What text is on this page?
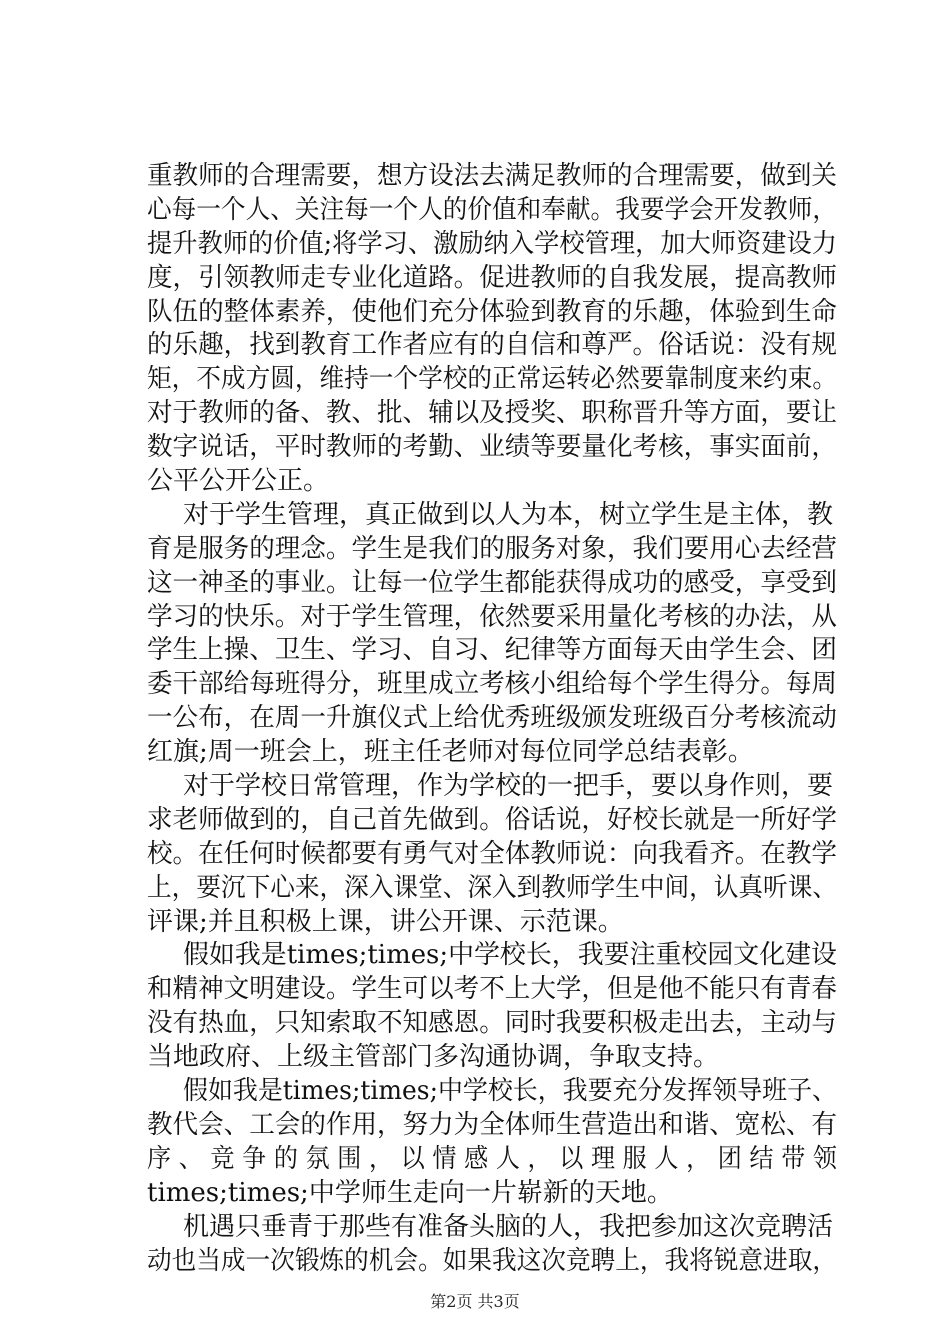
重教师的合理需要，想方设法去满足教师的合理需要，做到关
心每一个人、关注每一个人的价值和奉献。我要学会开发教师，
提升教师的价值;将学习、激励纳入学校管理，加大师资建设力
度，引领教师走专业化道路。促进教师的自我发展，提高教师
队伍的整体素养，使他们充分体验到教育的乐趣，体验到生命
的乐趣，找到教育工作者应有的自信和尊严。俗话说：没有规
矩，不成方圆，维持一个学校的正常运转必然要靠制度来约束。
对于教师的备、教、批、辅以及授奖、职称晋升等方面，要让
数字说话，平时教师的考勤、业绩等要量化考核，事实面前，
公平公开公正。
对于学生管理，真正做到以人为本，树立学生是主体，教
育是服务的理念。学生是我们的服务对象，我们要用心去经营
这一神圣的事业。让每一位学生都能获得成功的感受，享受到
学习的快乐。对于学生管理，依然要采用量化考核的办法，从
学生上操、卫生、学习、自习、纪律等方面每天由学生会、团
委干部给每班得分，班里成立考核小组给每个学生得分。每周
一公布，在周一升旗仪式上给优秀班级颁发班级百分考核流动
红旗;周一班会上，班主任老师对每位同学总结表彰。
对于学校日常管理，作为学校的一把手，要以身作则，要
求老师做到的，自己首先做到。俗话说，好校长就是一所好学
校。在任何时候都要有勇气对全体教师说：向我看齐。在教学
上，要沉下心来，深入课堂、深入到教师学生中间，认真听课、
评课;并且积极上课，讲公开课、示范课。
假如我是times;times;中学校长，我要注重校园文化建设
和精神文明建设。学生可以考不上大学，但是他不能只有青春
没有热血，只知索取不知感恩。同时我要积极走出去，主动与
当地政府、上级主管部门多沟通协调，争取支持。
假如我是times;times;中学校长，我要充分发挥领导班子、
教代会、工会的作用，努力为全体师生营造出和谐、宽松、有
序 、 竞 争 的 氛 围 ， 以 情 感 人 ， 以 理 服 人 ， 团 结 带 领
times;times;中学师生走向一片崭新的天地。
机遇只垂青于那些有准备头脑的人，我把参加这次竞聘活
动也当成一次锻炼的机会。如果我这次竞聘上，我将锐意进取，
第2页 共3页
